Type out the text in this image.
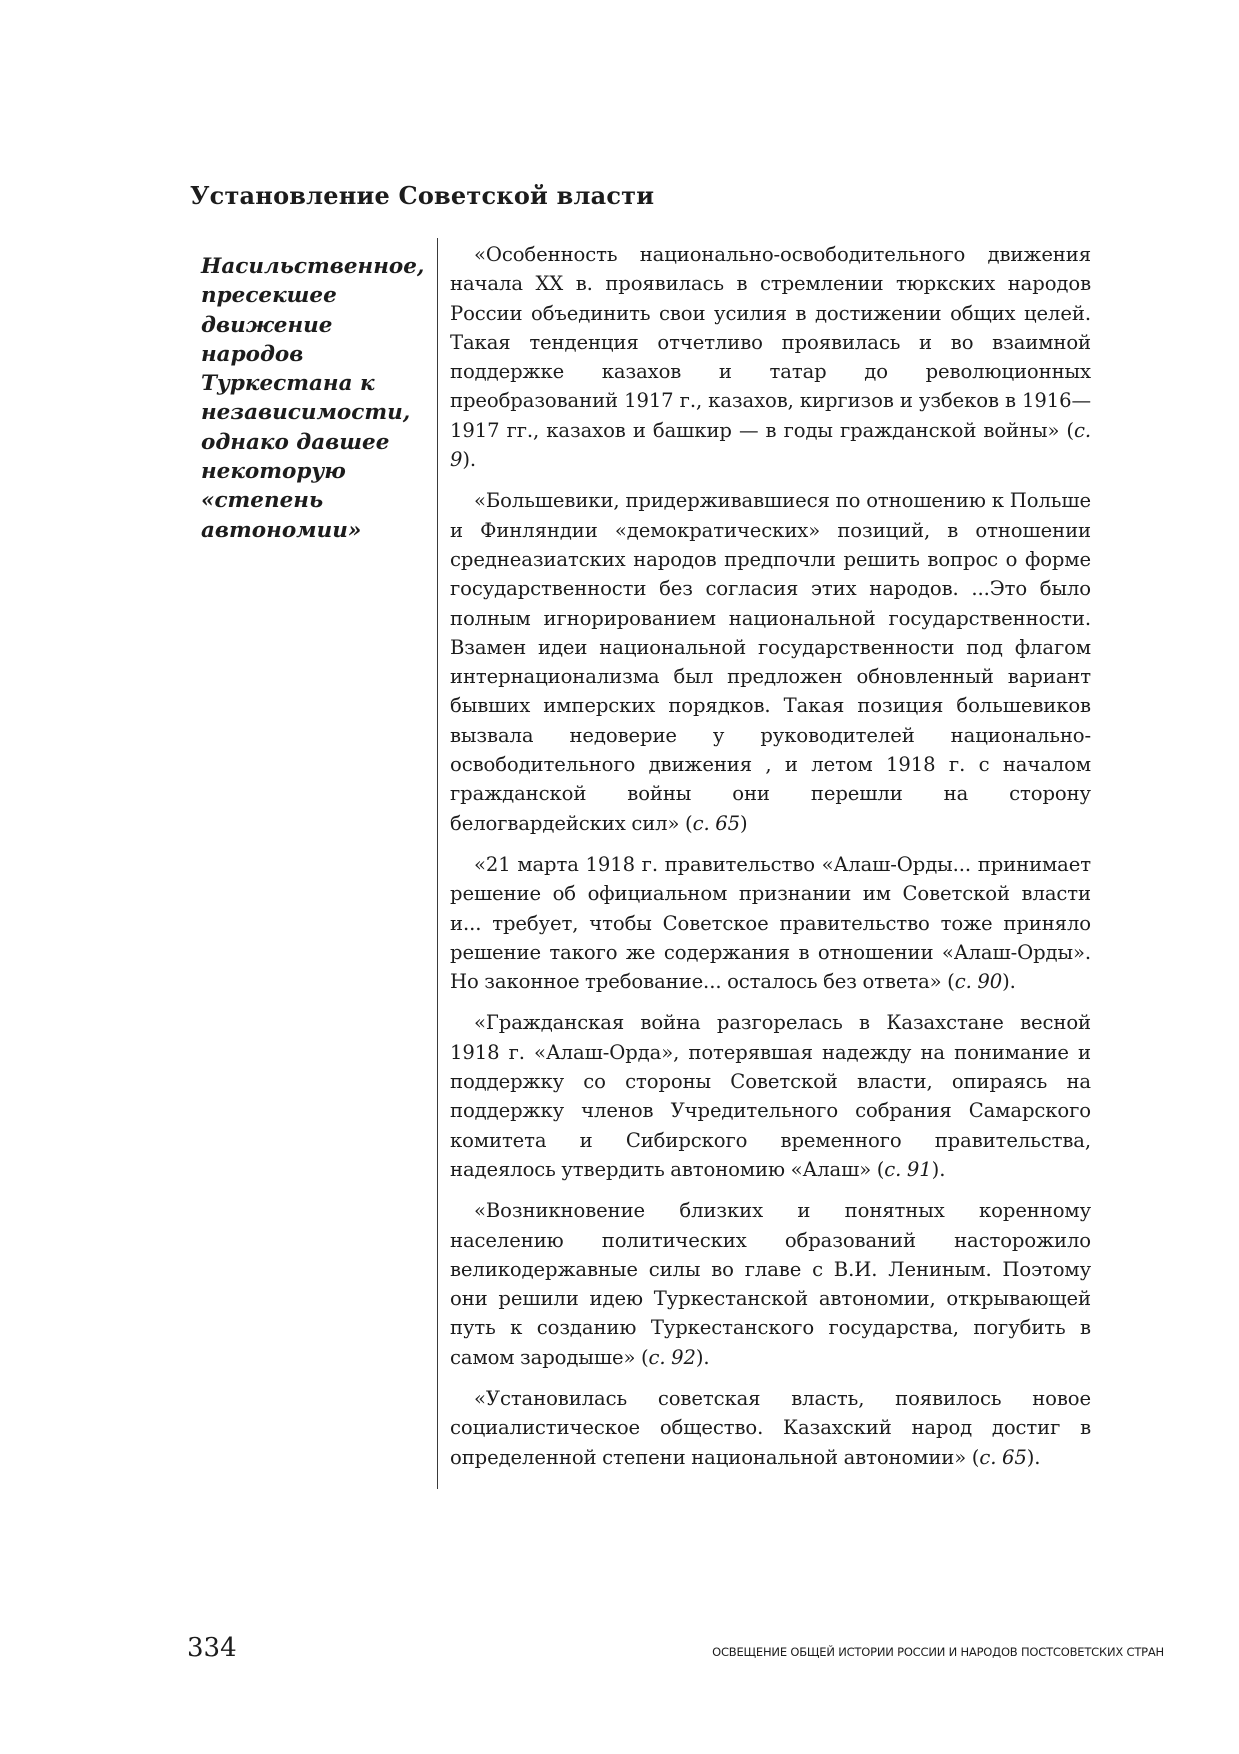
Установление Советской власти

Насильственное, пресекшее движение народов Туркестана к независимости, однако давшее некоторую «степень автономии»

«Особенность национально-освободительного движения начала ХХ в. проявилась в стремлении тюркских народов России объединить свои усилия в достижении общих целей. Такая тенденция отчетливо проявилась и во взаимной поддержке казахов и татар до революционных преобразований 1917 г., казахов, киргизов и узбеков в 1916—1917 гг., казахов и башкир — в годы гражданской войны» (с. 9).

«Большевики, придерживавшиеся по отношению к Польше и Финляндии «демократических» позиций, в отношении среднеазиатских народов предпочли решить вопрос о форме государственности без согласия этих народов. ...Это было полным игнорированием национальной государственности. Взамен идеи национальной государственности под флагом интернационализма был предложен обновленный вариант бывших имперских порядков. Такая позиция большевиков вызвала недоверие у руководителей национально-освободительного движения , и летом 1918 г. с началом гражданской войны они перешли на сторону белогвардейских сил» (с. 65)

«21 марта 1918 г. правительство «Алаш-Орды... принимает решение об официальном признании им Советской власти и... требует, чтобы Советское правительство тоже приняло решение такого же содержания в отношении «Алаш-Орды». Но законное требование... осталось без ответа» (с. 90).

«Гражданская война разгорелась в Казахстане весной 1918 г. «Алаш-Орда», потерявшая надежду на понимание и поддержку со стороны Советской власти, опираясь на поддержку членов Учредительного собрания Самарского комитета и Сибирского временного правительства, надеялось утвердить автономию «Алаш» (с. 91).

«Возникновение близких и понятных коренному населению политических образований насторожило великодержавные силы во главе с В.И. Лениным. Поэтому они решили идею Туркестанской автономии, открывающей путь к созданию Туркестанского государства, погубить в самом зародыше» (с. 92).

«Установилась советская власть, появилось новое социалистическое общество. Казахский народ достиг в определенной степени национальной автономии» (с. 65).

334	ОСВЕЩЕНИЕ ОБЩЕЙ ИСТОРИИ РОССИИ И НАРОДОВ ПОСТСОВЕТСКИХ СТРАН
